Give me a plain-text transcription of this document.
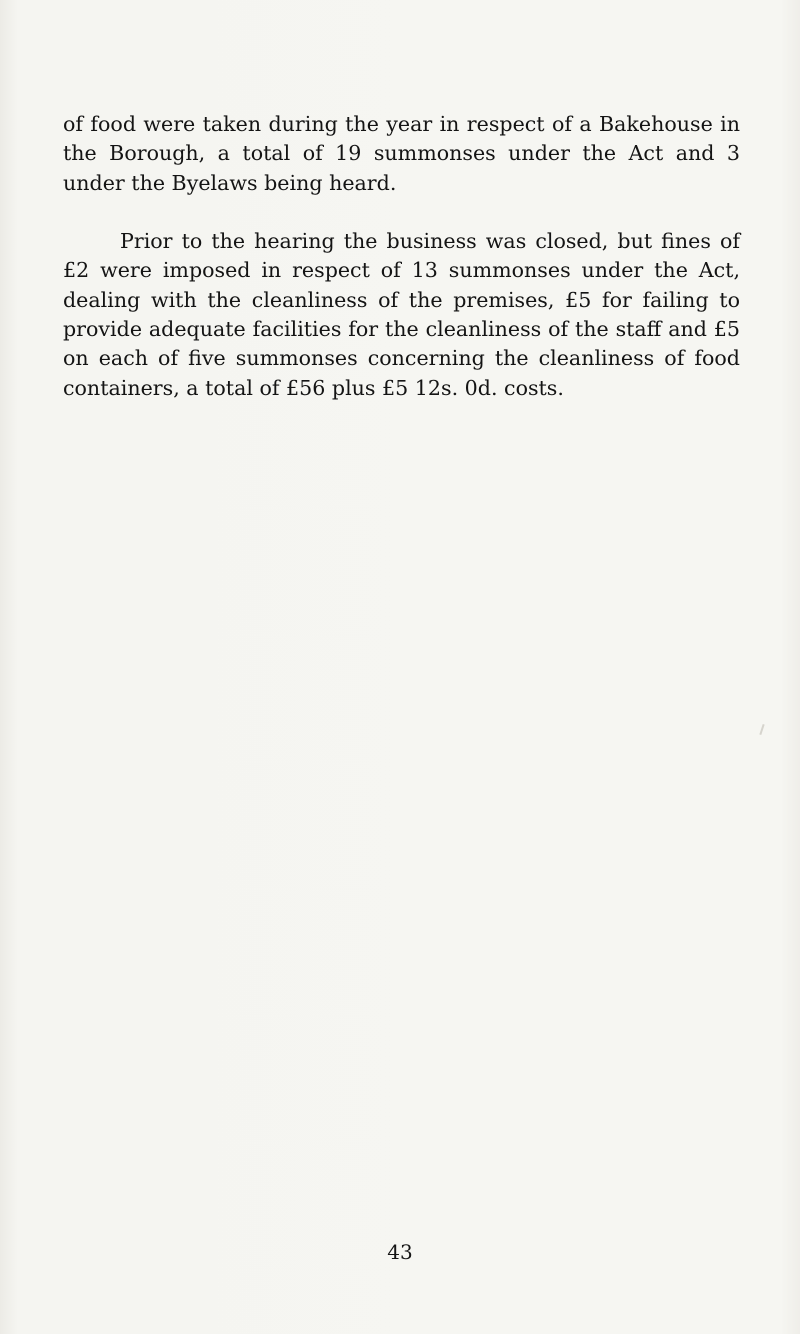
of food were taken during the year in respect of a Bakehouse in the Borough, a total of 19 summonses under the Act and 3 under the Byelaws being heard.

Prior to the hearing the business was closed, but fines of £2 were imposed in respect of 13 summonses under the Act, dealing with the cleanliness of the premises, £5 for failing to provide adequate facilities for the cleanliness of the staff and £5 on each of five summonses concerning the cleanliness of food containers, a total of £56 plus £5 12s. 0d. costs.

43
